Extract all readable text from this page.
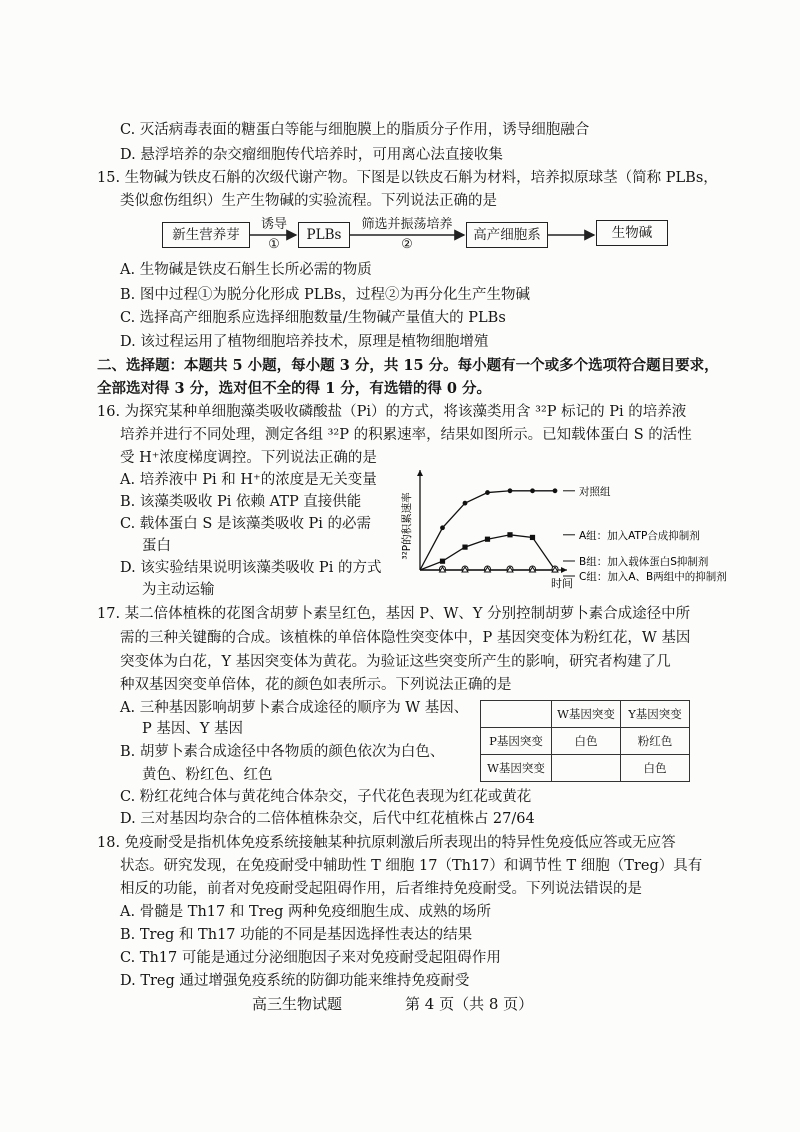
C. 灭活病毒表面的糖蛋白等能与细胞膜上的脂质分子作用，诱导细胞融合
D. 悬浮培养的杂交瘤细胞传代培养时，可用离心法直接收集
15. 生物碱为铁皮石斛的次级代谢产物。下图是以铁皮石斛为材料，培养拟原球茎（简称 PLBs，
类似愈伤组织）生产生物碱的实验流程。下列说法正确的是
新生营养芽	PLBs	高产细胞系	生物碱
诱导
①
筛选并振荡培养
②
A. 生物碱是铁皮石斛生长所必需的物质
B. 图中过程①为脱分化形成 PLBs，过程②为再分化生产生物碱
C. 选择高产细胞系应选择细胞数量/生物碱产量值大的 PLBs
D. 该过程运用了植物细胞培养技术，原理是植物细胞增殖
二、选择题：本题共 5 小题，每小题 3 分，共 15 分。每小题有一个或多个选项符合题目要求，
全部选对得 3 分，选对但不全的得 1 分，有选错的得 0 分。
16. 为探究某种单细胞藻类吸收磷酸盐（Pi）的方式，将该藻类用含 ³²P 标记的 Pi 的培养液
培养并进行不同处理，测定各组 ³²P 的积累速率，结果如图所示。已知载体蛋白 S 的活性
受 H⁺浓度梯度调控。下列说法正确的是
A. 培养液中 Pi 和 H⁺的浓度是无关变量
B. 该藻类吸收 Pi 依赖 ATP 直接供能
C. 载体蛋白 S 是该藻类吸收 Pi 的必需
蛋白
D. 该实验结果说明该藻类吸收 Pi 的方式
为主动运输
³²P的积累速率
时间
对照组
A组：加入ATP合成抑制剂
B组：加入载体蛋白S抑制剂
C组：加入A、B两组中的抑制剂
17. 某二倍体植株的花图含胡萝卜素呈红色，基因 P、W、Y 分别控制胡萝卜素合成途径中所
需的三种关键酶的合成。该植株的单倍体隐性突变体中，P 基因突变体为粉红花，W 基因
突变体为白花，Y 基因突变体为黄花。为验证这些突变所产生的影响，研究者构建了几
种双基因突变单倍体，花的颜色如表所示。下列说法正确的是
A. 三种基因影响胡萝卜素合成途径的顺序为 W 基因、
P 基因、Y 基因
B. 胡萝卜素合成途径中各物质的颜色依次为白色、
黄色、粉红色、红色
C. 粉红花纯合体与黄花纯合体杂交，子代花色表现为红花或黄花
D. 三对基因均杂合的二倍体植株杂交，后代中红花植株占 27/64
	W基因突变	Y基因突变
P基因突变	白色	粉红色
W基因突变		白色
18. 免疫耐受是指机体免疫系统接触某种抗原刺激后所表现出的特异性免疫低应答或无应答
状态。研究发现，在免疫耐受中辅助性 T 细胞 17（Th17）和调节性 T 细胞（Treg）具有
相反的功能，前者对免疫耐受起阻碍作用，后者维持免疫耐受。下列说法错误的是
A. 骨髓是 Th17 和 Treg 两种免疫细胞生成、成熟的场所
B. Treg 和 Th17 功能的不同是基因选择性表达的结果
C. Th17 可能是通过分泌细胞因子来对免疫耐受起阻碍作用
D. Treg 通过增强免疫系统的防御功能来维持免疫耐受
高三生物试题	第 4 页（共 8 页）
